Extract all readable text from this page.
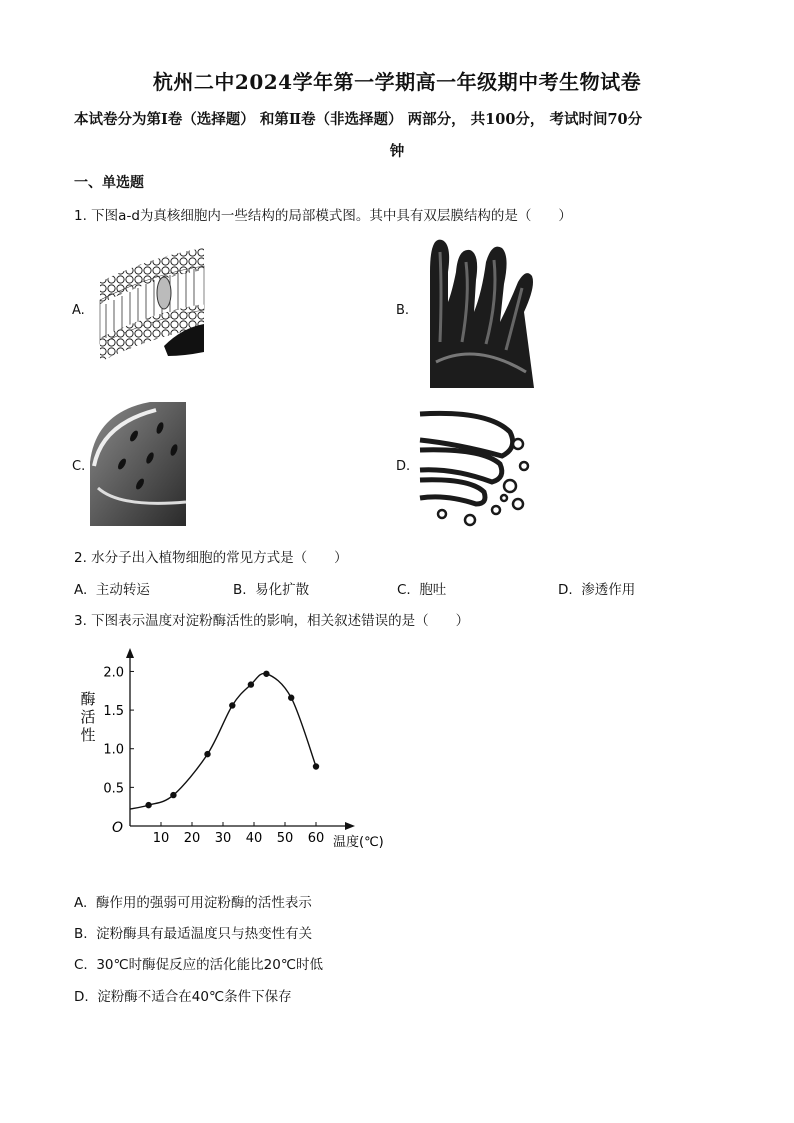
杭州二中2024学年第一学期高一年级期中考生物试卷
本试卷分为第Ⅰ卷（选择题） 和第Ⅱ卷（非选择题） 两部分， 共100分， 考试时间70分
钟
一、单选题
1. 下图a-d为真核细胞内一些结构的局部模式图。其中具有双层膜结构的是（　　）
A.	B.
C.	D.
2. 水分子出入植物细胞的常见方式是（　　）
A. 主动转运	B. 易化扩散	C. 胞吐	D. 渗透作用
3. 下图表示温度对淀粉酶活性的影响，相关叙述错误的是（　　）
10 20 30 40 50 60
0.5
1.0
1.5
2.0
O
温度(℃)
酶
活
性
A. 酶作用的强弱可用淀粉酶的活性表示
B. 淀粉酶具有最适温度只与热变性有关
C. 30℃时酶促反应的活化能比20℃时低
D. 淀粉酶不适合在40℃条件下保存
